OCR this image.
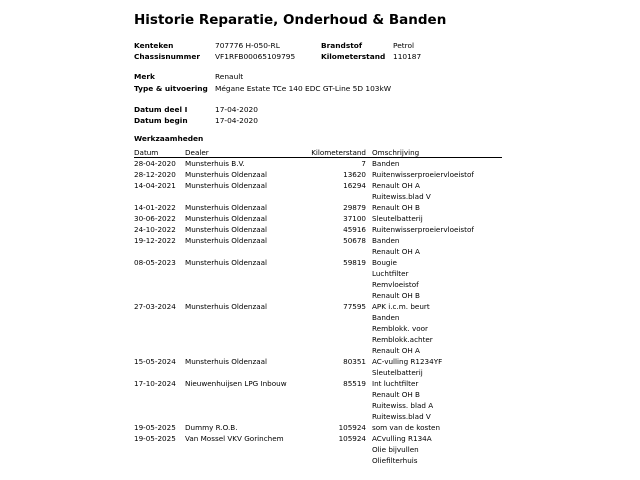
Historie Reparatie, Onderhoud & Banden
Kenteken	707776 H-050-RL	Brandstof	Petrol
Chassisnummer VF1RFB00065109795	Kilometerstand 110187
Merk	Renault
Type & uitvoering Mégane Estate TCe 140 EDC GT-Line 5D 103kW
Datum deel I	17-04-2020
Datum begin	17-04-2020
Werkzaamheden
Datum	Dealer	Kilometerstand Omschrijving
28-04-2020 Munsterhuis B.V.	7 Banden
28-12-2020 Munsterhuis Oldenzaal	13620 Ruitenwisserproeiervloeistof
14-04-2021 Munsterhuis Oldenzaal	16294 Renault OH A
Ruitewiss.blad V
14-01-2022 Munsterhuis Oldenzaal	29879 Renault OH B
30-06-2022 Munsterhuis Oldenzaal	37100 Sleutelbatterij
24-10-2022 Munsterhuis Oldenzaal	45916 Ruitenwisserproeiervloeistof
19-12-2022 Munsterhuis Oldenzaal	50678 Banden
Renault OH A
08-05-2023 Munsterhuis Oldenzaal	59819 Bougie
Luchtfilter
Remvloeistof
Renault OH B
27-03-2024 Munsterhuis Oldenzaal	77595 APK i.c.m. beurt
Banden
Remblokk. voor
Remblokk.achter
Renault OH A
15-05-2024 Munsterhuis Oldenzaal	80351 AC-vulling R1234YF
Sleutelbatterij
17-10-2024 Nieuwenhuijsen LPG Inbouw	85519 Int luchtfilter
Renault OH B
Ruitewiss. blad A
Ruitewiss.blad V
19-05-2025 Dummy R.O.B.	105924 som van de kosten
19-05-2025 Van Mossel VKV Gorinchem	105924 ACvulling R134A
Olie bijvullen
Oliefilterhuis
